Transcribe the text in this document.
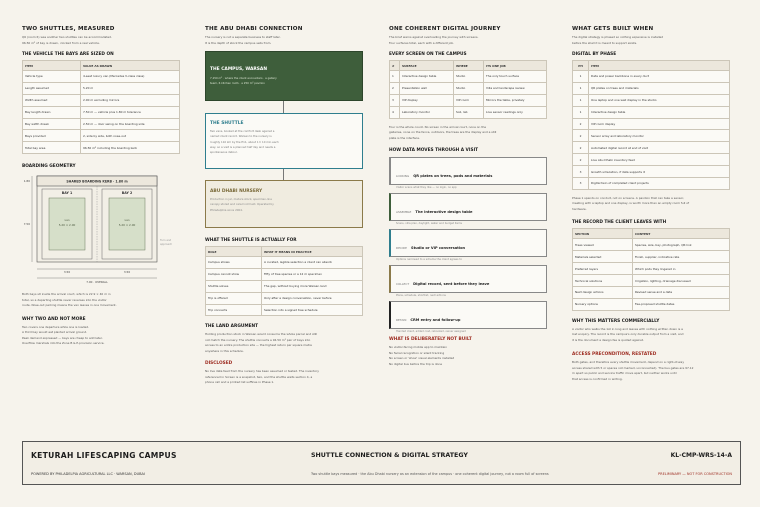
TWO SHUTTLES, MEASURED
Q6 (room 6) was another two shuttles can be accommodated.
96.50 m² of bay is drawn, clocked from a real vehicle.
THE VEHICLE THE BAYS ARE SIZED ON
ITEM	VALUE AS DRAWN
Vehicle type	4-seat luxury van (Mercedes V-class class)
Length assumed	5.20 m
Width assumed	2.00 m excluding mirrors
Bay length drawn	7.50 m — vehicle plus 1.80 m tolerance
Bay width drawn	2.50 m — door swing on the boarding side
Bays provided	2, side by side, both nose-out
Total bay area	96.50 m² including the boarding kerb
BOARDING GEOMETRY
SHARED BOARDING KERB · 1.80 m
BAY 1	BAY 2
van
5.20 × 2.00
van
5.20 × 2.00
1.80
7.50
3.50	3.50
7.00 · OVERALL
Turn and
approach
Both bays sit inside the arrival court, which is 22.9 × 40 m in
total, so a departing shuttle never reverses into the visitor
route. Nose-out parking means the van leaves in one movement.
WHY TWO AND NOT MORE
Two covers one departure while one is loaded.
A third bay would eat planted arrival ground.
Peak demand expressed — bays are cheap to add later.
Overflow marshals into the Zone B & P-provision service.
THE ABU DHABI CONNECTION
The nursery is not a separate business to staff later.
It is the depth of stock the campus sells from.
THE CAMPUS, WARSAN
7,150 m² · where the client encounters · a gallery
team, 6 kitchen roofs · a 250 m² pavilion
THE SHUTTLE
Two vans, booked at the comfort desk against a
named client record. Warsan to the nursery is
roughly 110 km by the E11, about 1 h 10 min each
way, so a visit is a planned half day and needs a
spontaneous detour.
ABU DHABI NURSERY
Production in jar, mature stock, specimen-line
canopy stored and cared not held. Operated by
Philadelphia since 2004.
WHAT THE SHUTTLE IS ACTUALLY FOR
ROLE	WHAT IT MEANS IN PRACTICE
Campus shows	A curated, legible selection a client can absorb
Campus cannot show	Fifty of tree species or a 12 m specimen
Shuttle solves	The gap, without buying more Warsan land
Trip is offered	Only after a design conversation, never before
Trip connects	Selection into a signed tree schedule
THE LAND ARGUMENT
Holding production stock in Warsan would consume the whole parcel and still
not match the nursery. The shuttle connects a 94.50 m² pair of bays into
access to an entire production site — the highest return per square metre
anywhere in this schedule.
DISCLOSED
No live data feed from the nursery has been assumed or tested. The inventory
referenced in Screen is a snapshot, two, and the shuttle waits section 4, a
phone call and a printed list suffices in Phase 1.
ONE COHERENT DIGITAL JOURNEY
The brief warns against overloading the journey with screens.
Four surfaces total, each with a different job.
EVERY SCREEN ON THE CAMPUS
#	SURFACE	WHERE	ITS ONE JOB
1	Interactive design table	Studio	The only touch surface
2	Presentation wall	Studio	Villa and landscape review
3	VIP display	VIP room	Mirrors the table, privately
4	Laboratory monitor	Soil, lab	Live sensor readings only
Four is the whole count. No screen in the arrival court, none on the
galleries, none on the fence, outdoors, the trees are the display and a still
plate is the interface.
HOW DATA MOVES THROUGH A VISIT
LOOKING QR plates on trees, pods and materials
Visitor scans what they like — no login, no app
ASSEMBLE The interactive design table
Scans, villa plan, daylight, water and budget items
DECIDE Studio or VIP conversation
Options narrowed to a scheme the client agrees to
COLLECT Digital record, sent before they leave
Plans, schedule, shortlist, next actions
RETAIN CRM entry and follow-up
Handed client, added cost, rebooked, owner assigned
WHAT IS DELIBERATELY NOT BUILT
No visitor-facing mobile app to maintain
No facial recognition or silent tracking
No screen or 'show' visual elements installed
No digital bus before the trip is done
WHAT GETS BUILT WHEN
The digital strategy is phased so nothing expensive is installed
before the shell it is meant to support exists.
DIGITAL BY PHASE
PH	ITEM
1	Data and power backbone in every duct
1	QR plates on trees and materials
1	One laptop and one wall display in the studio
1	Interactive design table
2	VIP room display
2	Sensor array and laboratory monitor
2	Automated digital record at end of visit
2	Live Abu Dhabi inventory feed
3	Growth simulation, if data supports it
3	Digital twin of completed client projects
Phase 1 spends on conduit, not on screens. A pavilion that can take a sensor,
meeting with a laptop and one display, is worth more than an empty room full of
hardware.
THE RECORD THE CLIENT LEAVES WITH
SECTION	CONTENT
Trees viewed	Species, size, bay, photograph, QR link
Materials selected	Finish, supplier, indicative rate
Preferred layers	Which pods they lingered in
Technical solutions	Irrigation, lighting, drainage discussed
Next design actions	Revised sense and a date
Nursery options	Fee-proposed shuttle dates
WHY THIS MATTERS COMMERCIALLY
A visitor who walks the 1st in long and leaves with nothing written down is a
lost enquiry. The record is the campus's only durable output from a visit, and
it is the document a design fee is quoted against.
ACCESS PRECONDITION, RESTATED
Both gates, and therefore every shuttle movement, depend on a right-of-way
access shared with 5 or spaces not marked, unconnected). The bus gates are 97.12
m apart so public and service traffic move apart, but neither works until
that access is confirmed in writing.
KETURAH LIFESCAPING CAMPUS
POWERED BY PHILADELPIA AGRICULTURAL LLC · WARSAN, DUBAI
SHUTTLE CONNECTION & DIGITAL STRATEGY
Two shuttle bays measured · the Abu Dhabi nursery as an extension of the campus · one coherent digital journey, not a room full of screens
KL-CMP-WRS-14-A
PRELIMINARY — NOT FOR CONSTRUCTION
